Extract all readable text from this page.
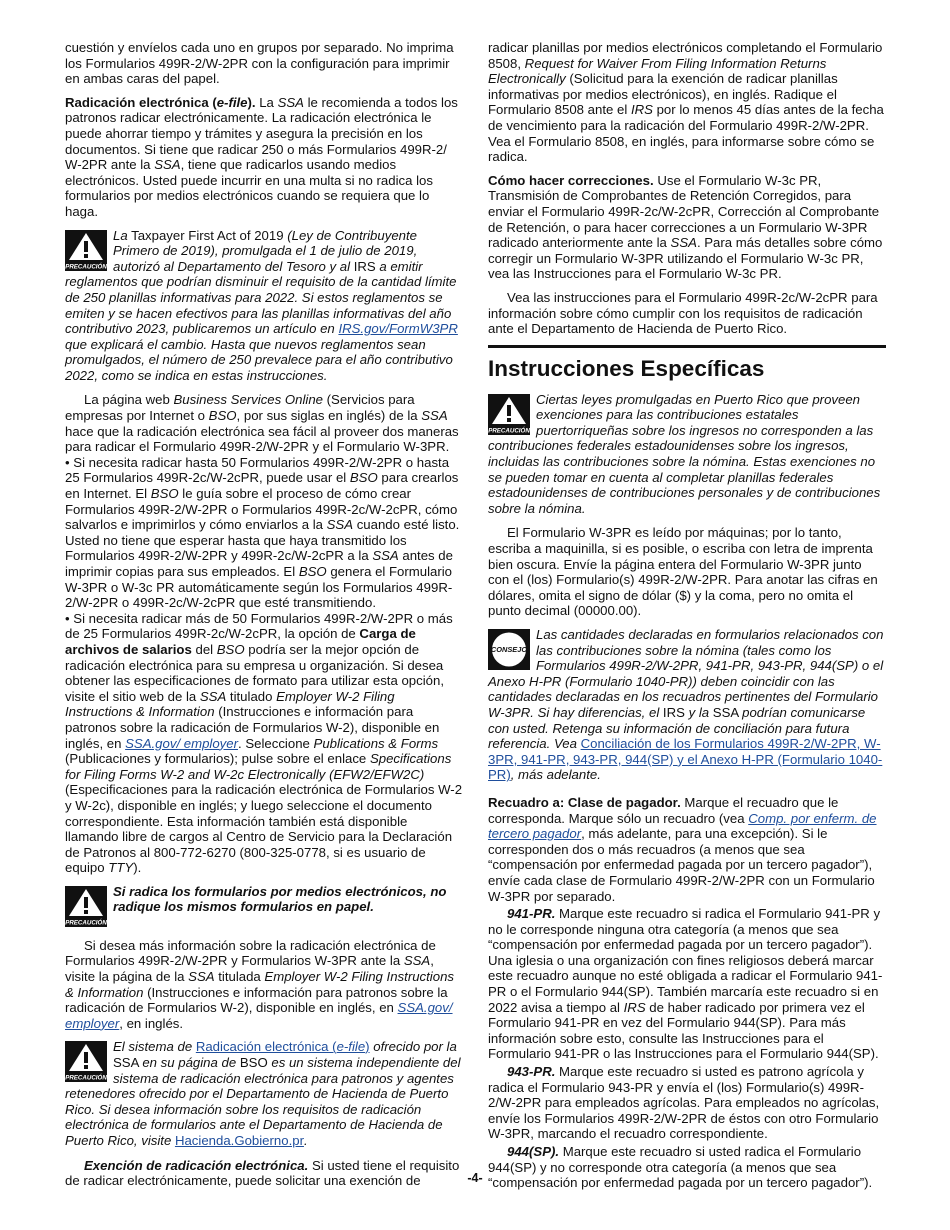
cuestión y envíelos cada uno en grupos por separado. No imprima los Formularios 499R-2/W-2PR con la configuración para imprimir en ambas caras del papel.

Radicación electrónica (e-file). La SSA le recomienda a todos los patronos radicar electrónicamente. La radicación electrónica le puede ahorrar tiempo y trámites y asegura la precisión en los documentos. Si tiene que radicar 250 o más Formularios 499R-2/ W-2PR ante la SSA, tiene que radicarlos usando medios electrónicos. Usted puede incurrir en una multa si no radica los formularios por medios electrónicos cuando se requiera que lo haga.

PRECAUCIÓN
La Taxpayer First Act of 2019 (Ley de Contribuyente Primero de 2019), promulgada el 1 de julio de 2019, autorizó al Departamento del Tesoro y al IRS a emitir reglamentos que podrían disminuir el requisito de la cantidad límite de 250 planillas informativas para 2022. Si estos reglamentos se emiten y se hacen efectivos para las planillas informativas del año contributivo 2023, publicaremos un artículo en IRS.gov/FormW3PR que explicará el cambio. Hasta que nuevos reglamentos sean promulgados, el número de 250 prevalece para el año contributivo 2022, como se indica en estas instrucciones.

La página web Business Services Online (Servicios para empresas por Internet o BSO, por sus siglas en inglés) de la SSA hace que la radicación electrónica sea fácil al proveer dos maneras para radicar el Formulario 499R-2/W-2PR y el Formulario W-3PR.

• Si necesita radicar hasta 50 Formularios 499R-2/W-2PR o hasta 25 Formularios 499R-2c/W-2cPR, puede usar el BSO para crearlos en Internet. El BSO le guía sobre el proceso de cómo crear Formularios 499R-2/W-2PR o Formularios 499R-2c/W-2cPR, cómo salvarlos e imprimirlos y cómo enviarlos a la SSA cuando esté listo. Usted no tiene que esperar hasta que haya transmitido los Formularios 499R-2/W-2PR y 499R-2c/W-2cPR a la SSA antes de imprimir copias para sus empleados. El BSO genera el Formulario W-3PR o W-3c PR automáticamente según los Formularios 499R-2/W-2PR o 499R-2c/W-2cPR que esté transmitiendo.

• Si necesita radicar más de 50 Formularios 499R-2/W-2PR o más de 25 Formularios 499R-2c/W-2cPR, la opción de Carga de archivos de salarios del BSO podría ser la mejor opción de radicación electrónica para su empresa u organización. Si desea obtener las especificaciones de formato para utilizar esta opción, visite el sitio web de la SSA titulado Employer W-2 Filing Instructions & Information (Instrucciones e información para patronos sobre la radicación de Formularios W-2), disponible en inglés, en SSA.gov/ employer. Seleccione Publications & Forms (Publicaciones y formularios); pulse sobre el enlace Specifications for Filing Forms W-2 and W-2c Electronically (EFW2/EFW2C) (Especificaciones para la radicación electrónica de Formularios W-2 y W-2c), disponible en inglés; y luego seleccione el documento correspondiente. Esta información también está disponible llamando libre de cargos al Centro de Servicio para la Declaración de Patronos al 800-772-6270 (800-325-0778, si es usuario de equipo TTY).

PRECAUCIÓN
Si radica los formularios por medios electrónicos, no radique los mismos formularios en papel.

Si desea más información sobre la radicación electrónica de Formularios 499R-2/W-2PR y Formularios W-3PR ante la SSA, visite la página de la SSA titulada Employer W-2 Filing Instructions & Information (Instrucciones e información para patronos sobre la radicación de Formularios W-2), disponible en inglés, en SSA.gov/ employer, en inglés.

PRECAUCIÓN
El sistema de Radicación electrónica (e-file) ofrecido por la SSA en su página de BSO es un sistema independiente del sistema de radicación electrónica para patronos y agentes retenedores ofrecido por el Departamento de Hacienda de Puerto Rico. Si desea información sobre los requisitos de radicación electrónica de formularios ante el Departamento de Hacienda de Puerto Rico, visite Hacienda.Gobierno.pr.

Exención de radicación electrónica. Si usted tiene el requisito de radicar electrónicamente, puede solicitar una exención de

radicar planillas por medios electrónicos completando el Formulario 8508, Request for Waiver From Filing Information Returns Electronically (Solicitud para la exención de radicar planillas informativas por medios electrónicos), en inglés. Radique el Formulario 8508 ante el IRS por lo menos 45 días antes de la fecha de vencimiento para la radicación del Formulario 499R-2/W-2PR. Vea el Formulario 8508, en inglés, para informarse sobre cómo se radica.

Cómo hacer correcciones. Use el Formulario W-3c PR, Transmisión de Comprobantes de Retención Corregidos, para enviar el Formulario 499R-2c/W-2cPR, Corrección al Comprobante de Retención, o para hacer correcciones a un Formulario W-3PR radicado anteriormente ante la SSA. Para más detalles sobre cómo corregir un Formulario W-3PR utilizando el Formulario W-3c PR, vea las Instrucciones para el Formulario W-3c PR.

Vea las instrucciones para el Formulario 499R-2c/W-2cPR para información sobre cómo cumplir con los requisitos de radicación ante el Departamento de Hacienda de Puerto Rico.

Instrucciones Específicas
PRECAUCIÓN
Ciertas leyes promulgadas en Puerto Rico que proveen exenciones para las contribuciones estatales puertorriqueñas sobre los ingresos no corresponden a las contribuciones federales estadounidenses sobre los ingresos, incluidas las contribuciones sobre la nómina. Estas exenciones no se pueden tomar en cuenta al completar planillas federales estadounidenses de contribuciones personales y de contribuciones sobre la nómina.

El Formulario W-3PR es leído por máquinas; por lo tanto, escriba a maquinilla, si es posible, o escriba con letra de imprenta bien oscura. Envíe la página entera del Formulario W-3PR junto con el (los) Formulario(s) 499R-2/W-2PR. Para anotar las cifras en dólares, omita el signo de dólar ($) y la coma, pero no omita el punto decimal (00000.00).

CONSEJO
Las cantidades declaradas en formularios relacionados con las contribuciones sobre la nómina (tales como los Formularios 499R-2/W-2PR, 941-PR, 943-PR, 944(SP) o el Anexo H-PR (Formulario 1040-PR)) deben coincidir con las cantidades declaradas en los recuadros pertinentes del Formulario W-3PR. Si hay diferencias, el IRS y la SSA podrían comunicarse con usted. Retenga su información de conciliación para futura referencia. Vea Conciliación de los Formularios 499R-2/W-2PR, W-3PR, 941-PR, 943-PR, 944(SP) y el Anexo H-PR (Formulario 1040-PR), más adelante.

Recuadro a: Clase de pagador. Marque el recuadro que le corresponda. Marque sólo un recuadro (vea Comp. por enferm. de tercero pagador, más adelante, para una excepción). Si le corresponden dos o más recuadros (a menos que sea “compensación por enfermedad pagada por un tercero pagador”), envíe cada clase de Formulario 499R-2/W-2PR con un Formulario W-3PR por separado.

941-PR. Marque este recuadro si radica el Formulario 941-PR y no le corresponde ninguna otra categoría (a menos que sea “compensación por enfermedad pagada por un tercero pagador”). Una iglesia o una organización con fines religiosos deberá marcar este recuadro aunque no esté obligada a radicar el Formulario 941-PR o el Formulario 944(SP). También marcaría este recuadro si en 2022 avisa a tiempo al IRS de haber radicado por primera vez el Formulario 941-PR en vez del Formulario 944(SP). Para más información sobre esto, consulte las Instrucciones para el Formulario 941-PR o las Instrucciones para el Formulario 944(SP).

943-PR. Marque este recuadro si usted es patrono agrícola y radica el Formulario 943-PR y envía el (los) Formulario(s) 499R-2/W-2PR para empleados agrícolas. Para empleados no agrícolas, envíe los Formularios 499R-2/W-2PR de éstos con otro Formulario W-3PR, marcando el recuadro correspondiente.

944(SP). Marque este recuadro si usted radica el Formulario 944(SP) y no corresponde otra categoría (a menos que sea “compensación por enfermedad pagada por un tercero pagador”).

-4-
